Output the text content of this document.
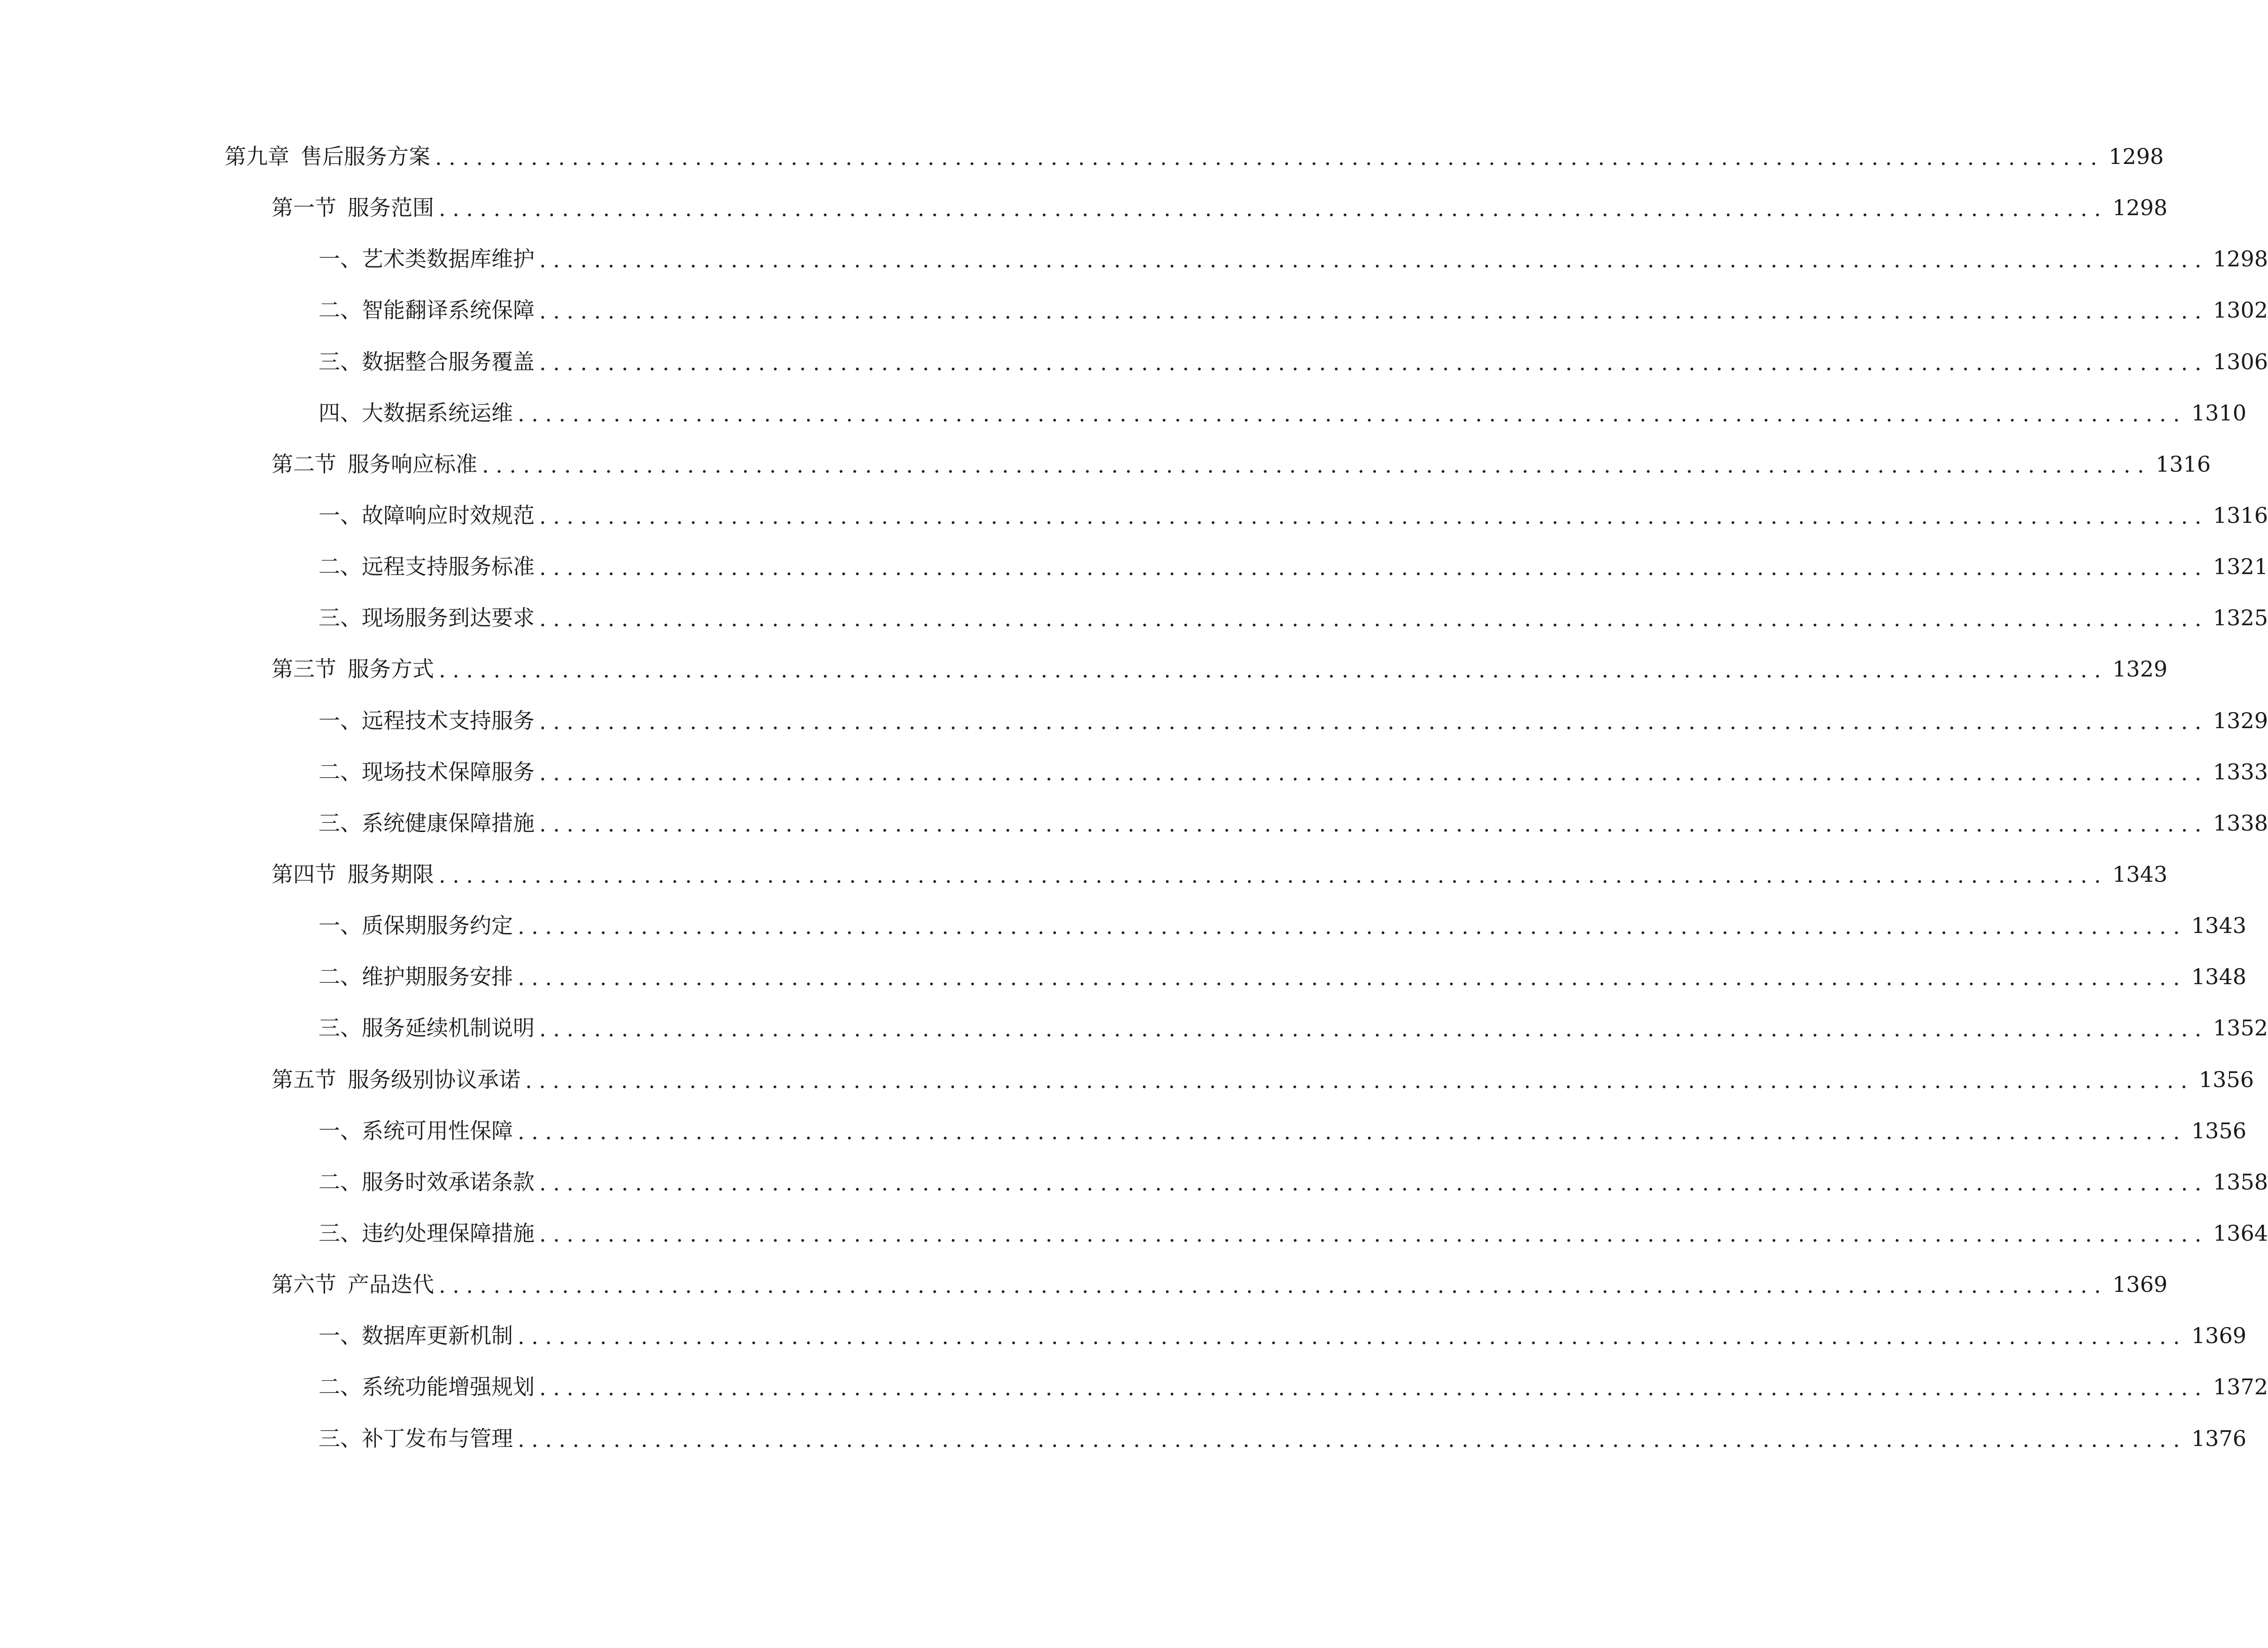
第九章 售后服务方案 .......................................................................................................................... 1298
第一节 服务范围 .......................................................................................................................... 1298
一、 艺术类数据库维护 .......................................................................................................................... 1298
二、 智能翻译系统保障 .......................................................................................................................... 1302
三、 数据整合服务覆盖 .......................................................................................................................... 1306
四、 大数据系统运维 .......................................................................................................................... 1310
第二节 服务响应标准 .......................................................................................................................... 1316
一、 故障响应时效规范 .......................................................................................................................... 1316
二、 远程支持服务标准 .......................................................................................................................... 1321
三、 现场服务到达要求 .......................................................................................................................... 1325
第三节 服务方式 .......................................................................................................................... 1329
一、 远程技术支持服务 .......................................................................................................................... 1329
二、 现场技术保障服务 .......................................................................................................................... 1333
三、 系统健康保障措施 .......................................................................................................................... 1338
第四节 服务期限 .......................................................................................................................... 1343
一、 质保期服务约定 .......................................................................................................................... 1343
二、 维护期服务安排 .......................................................................................................................... 1348
三、 服务延续机制说明 .......................................................................................................................... 1352
第五节 服务级别协议承诺 .......................................................................................................................... 1356
一、 系统可用性保障 .......................................................................................................................... 1356
二、 服务时效承诺条款 .......................................................................................................................... 1358
三、 违约处理保障措施 .......................................................................................................................... 1364
第六节 产品迭代 .......................................................................................................................... 1369
一、 数据库更新机制 .......................................................................................................................... 1369
二、 系统功能增强规划 .......................................................................................................................... 1372
三、 补丁发布与管理 .......................................................................................................................... 1376
